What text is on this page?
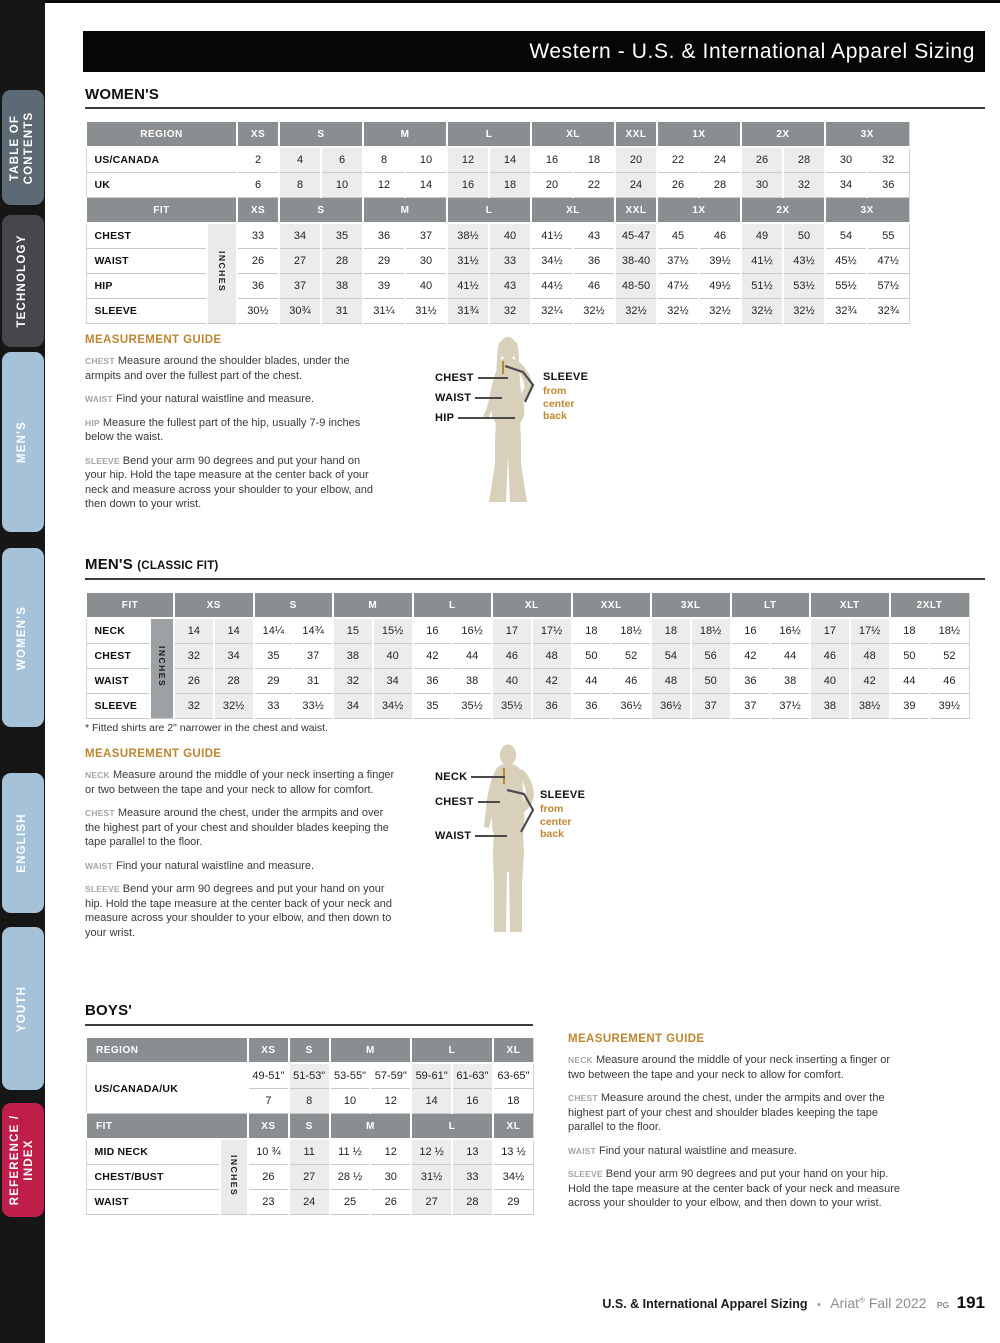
TABLE OF CONTENTS
TECHNOLOGY
MEN'S
WOMEN'S
ENGLISH
YOUTH
REFERENCE / INDEX
Western - U.S. & International Apparel Sizing
WOMEN'S
REGION		XS	S		M		L		XL		XXL	1X		2X		3X	
US/CANADA		2	4	6	8	10	12	14	16	18	20	22	24	26	28	30	32
UK		6	8	10	12	14	16	18	20	22	24	26	28	30	32	34	36
FIT		XS	S		M		L		XL		XXL	1X		2X		3X	
CHEST	INCHES	33	34	35	36	37	38½	40	41½	43	45-47	45	46	49	50	54	55
WAIST		26	27	28	29	30	31½	33	34½	36	38-40	37½	39½	41½	43½	45½	47½
HIP		36	37	38	39	40	41½	43	44½	46	48-50	47½	49½	51½	53½	55½	57½
SLEEVE		30½	30¾	31	31¼	31½	31¾	32	32¼	32½	32½	32½	32½	32½	32½	32¾	32¾
MEASUREMENT GUIDE

CHEST Measure around the shoulder blades, under the armpits and over the fullest part of the chest.

WAIST Find your natural waistline and measure.

HIP Measure the fullest part of the hip, usually 7-9 inches below the waist.

SLEEVE Bend your arm 90 degrees and put your hand on your hip. Hold the tape measure at the center back of your neck and measure across your shoulder to your elbow, and then down to your wrist.

CHEST
WAIST
HIP
SLEEVE
from center back
MEN'S (CLASSIC FIT)
FIT		XS		S		M		L		XL		XXL		3XL		LT		XLT		2XLT	
NECK	INCHES	14	14	14¼	14¾	15	15½	16	16½	17	17½	18	18½	18	18½	16	16½	17	17½	18	18½
CHEST		32	34	35	37	38	40	42	44	46	48	50	52	54	56	42	44	46	48	50	52
WAIST		26	28	29	31	32	34	36	38	40	42	44	46	48	50	36	38	40	42	44	46
SLEEVE		32	32½	33	33½	34	34½	35	35½	35½	36	36	36½	36½	37	37	37½	38	38½	39	39½
* Fitted shirts are 2" narrower in the chest and waist.
MEASUREMENT GUIDE

NECK Measure around the middle of your neck inserting a finger or two between the tape and your neck to allow for comfort.

CHEST Measure around the chest, under the armpits and over the highest part of your chest and shoulder blades keeping the tape parallel to the floor.

WAIST Find your natural waistline and measure.

SLEEVE Bend your arm 90 degrees and put your hand on your hip. Hold the tape measure at the center back of your neck and measure across your shoulder to your elbow, and then down to your wrist.

NECK
CHEST
WAIST
SLEEVE
from center back
BOYS'
REGION		XS	S	M		L		XL
US/CANADA/UK		49-51"	51-53"	53-55"	57-59"	59-61"	61-63"	63-65"
		7	8	10	12	14	16	18
FIT		XS	S	M		L		XL
MID NECK	INCHES	10 ¾	11	11 ½	12	12 ½	13	13 ½
CHEST/BUST		26	27	28 ½	30	31½	33	34½
WAIST		23	24	25	26	27	28	29
MEASUREMENT GUIDE

NECK Measure around the middle of your neck inserting a finger or two between the tape and your neck to allow for comfort.

CHEST Measure around the chest, under the armpits and over the highest part of your chest and shoulder blades keeping the tape parallel to the floor.

WAIST Find your natural waistline and measure.

SLEEVE Bend your arm 90 degrees and put your hand on your hip. Hold the tape measure at the center back of your neck and measure across your shoulder to your elbow, and then down to your wrist.

U.S. & International Apparel Sizing • Ariat® Fall 2022 PG 191
